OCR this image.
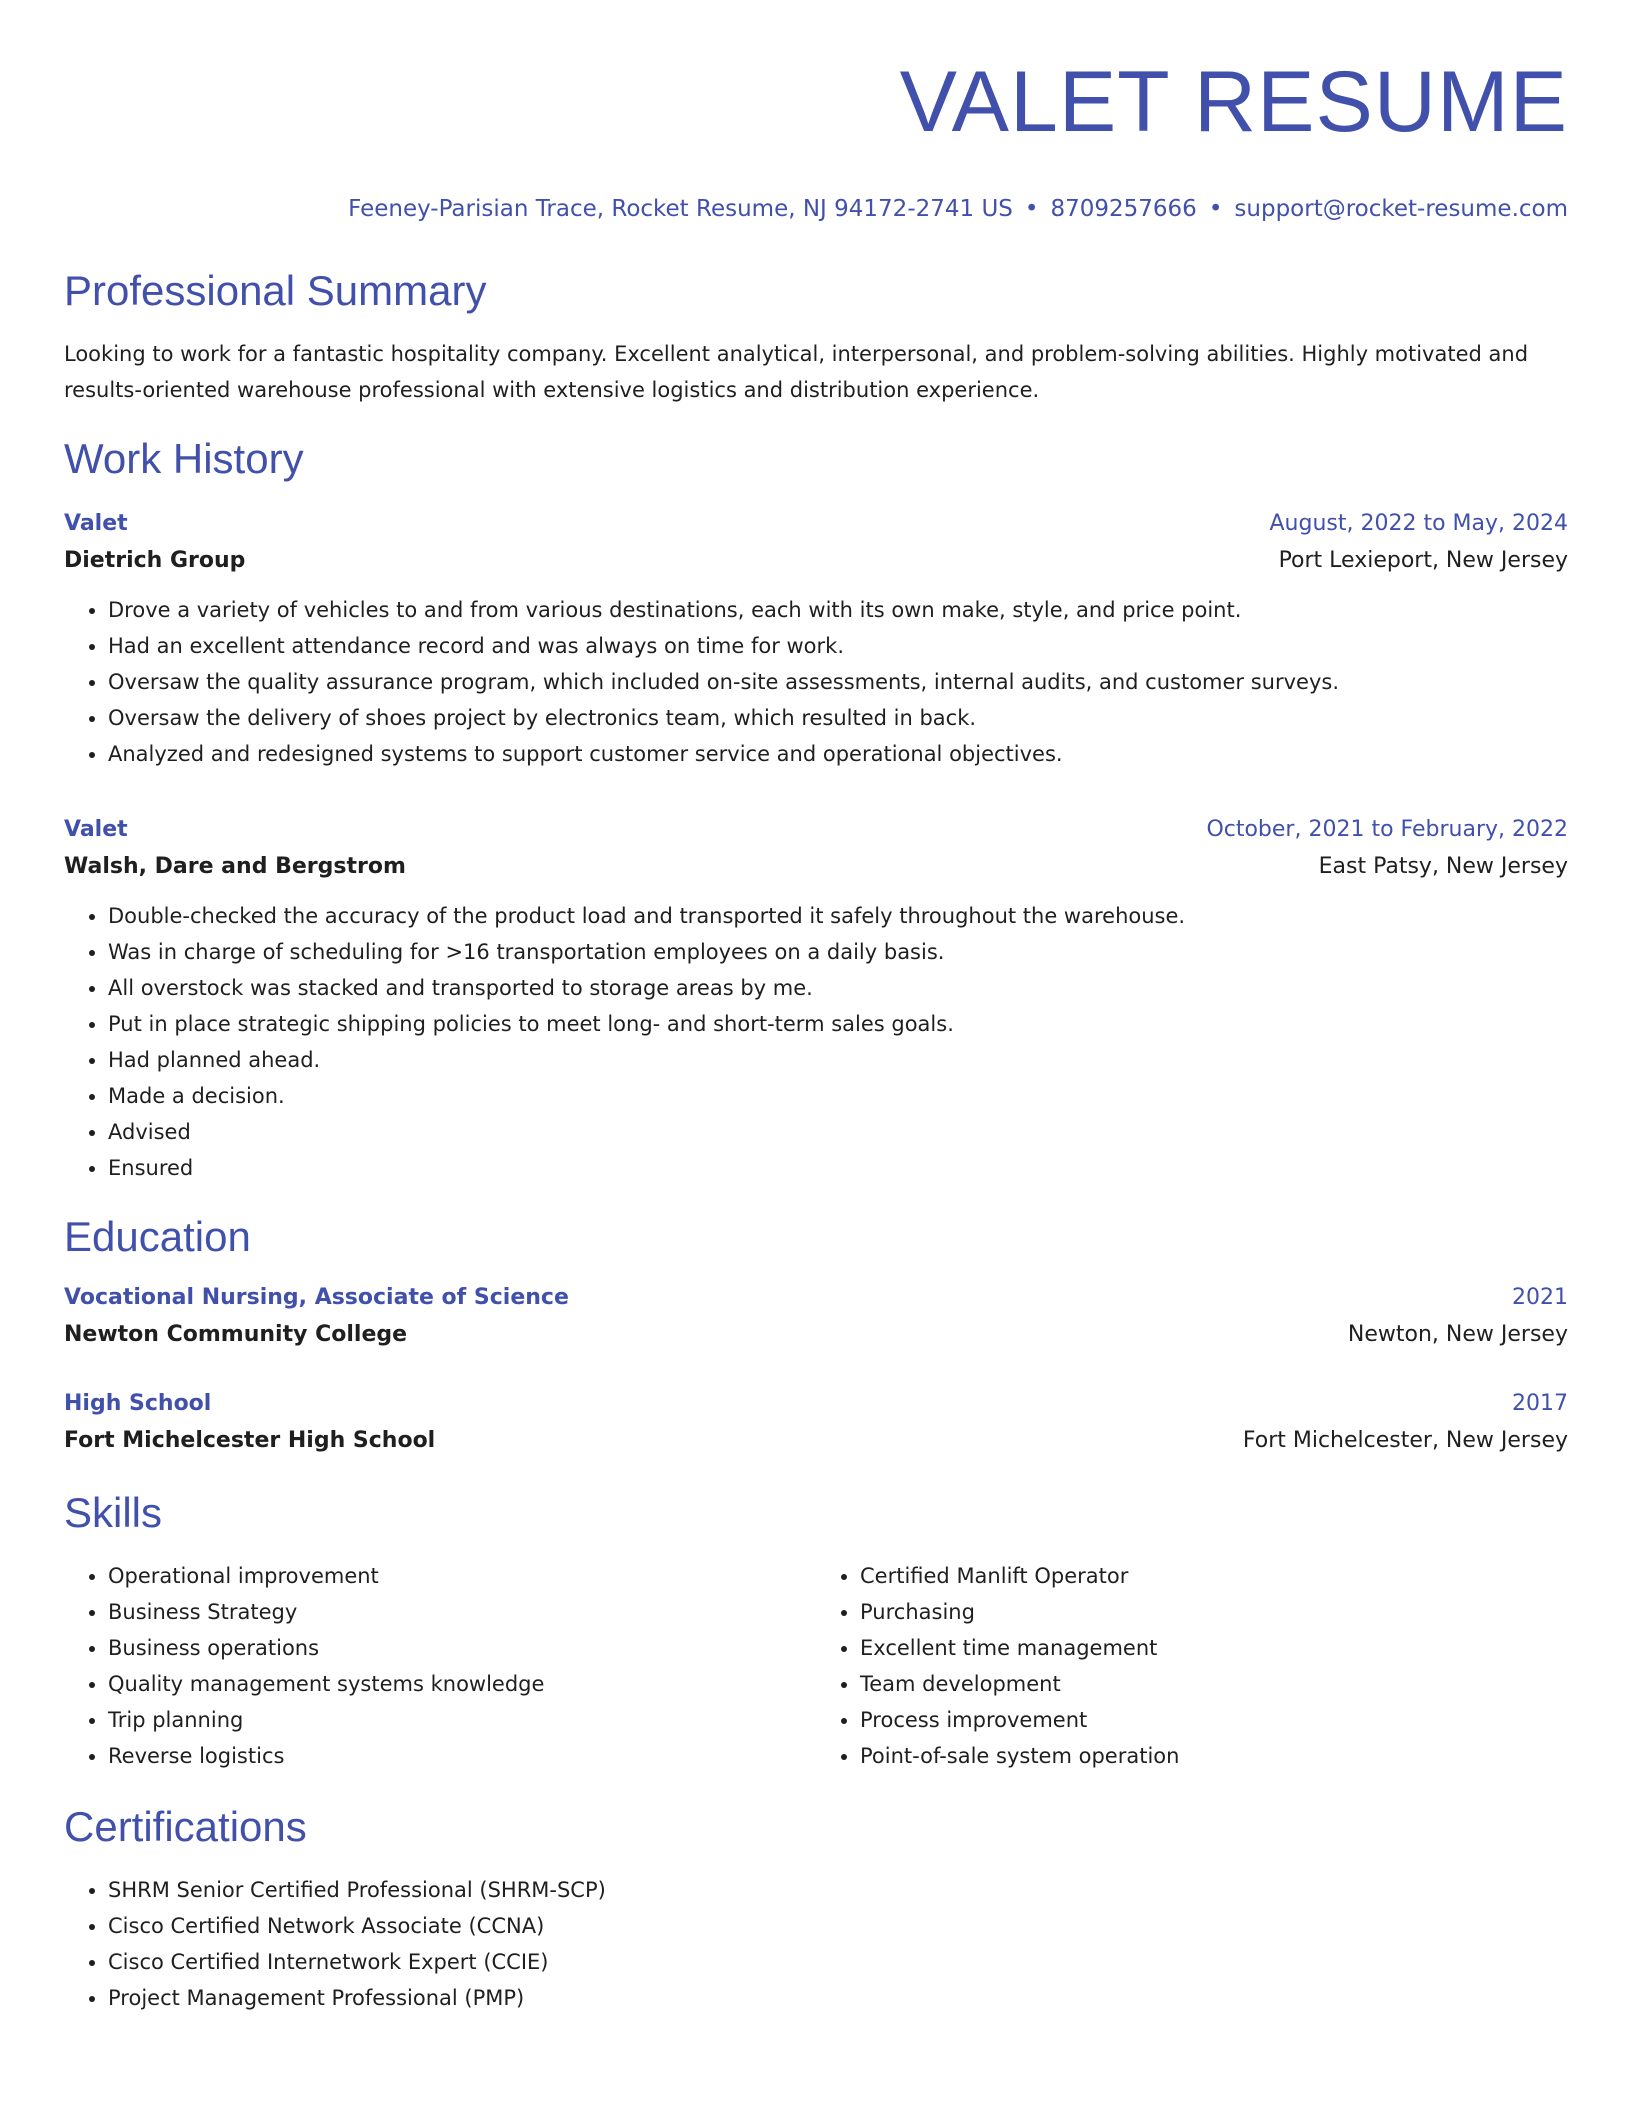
VALET RESUME
Feeney-Parisian Trace, Rocket Resume, NJ 94172-2741 US • 8709257666 • support@rocket-resume.com
Professional Summary
Looking to work for a fantastic hospitality company. Excellent analytical, interpersonal, and problem-solving abilities. Highly motivated and results-oriented warehouse professional with extensive logistics and distribution experience.
Work History
Valet	August, 2022 to May, 2024
Dietrich Group	Port Lexieport, New Jersey
• Drove a variety of vehicles to and from various destinations, each with its own make, style, and price point.
• Had an excellent attendance record and was always on time for work.
• Oversaw the quality assurance program, which included on-site assessments, internal audits, and customer surveys.
• Oversaw the delivery of shoes project by electronics team, which resulted in back.
• Analyzed and redesigned systems to support customer service and operational objectives.
Valet	October, 2021 to February, 2022
Walsh, Dare and Bergstrom	East Patsy, New Jersey
• Double-checked the accuracy of the product load and transported it safely throughout the warehouse.
• Was in charge of scheduling for >16 transportation employees on a daily basis.
• All overstock was stacked and transported to storage areas by me.
• Put in place strategic shipping policies to meet long- and short-term sales goals.
• Had planned ahead.
• Made a decision.
• Advised
• Ensured
Education
Vocational Nursing, Associate of Science	2021
Newton Community College	Newton, New Jersey
High School	2017
Fort Michelcester High School	Fort Michelcester, New Jersey
Skills
• Operational improvement
• Business Strategy
• Business operations
• Quality management systems knowledge
• Trip planning
• Reverse logistics
• Certified Manlift Operator
• Purchasing
• Excellent time management
• Team development
• Process improvement
• Point-of-sale system operation
Certifications
• SHRM Senior Certified Professional (SHRM-SCP)
• Cisco Certified Network Associate (CCNA)
• Cisco Certified Internetwork Expert (CCIE)
• Project Management Professional (PMP)
